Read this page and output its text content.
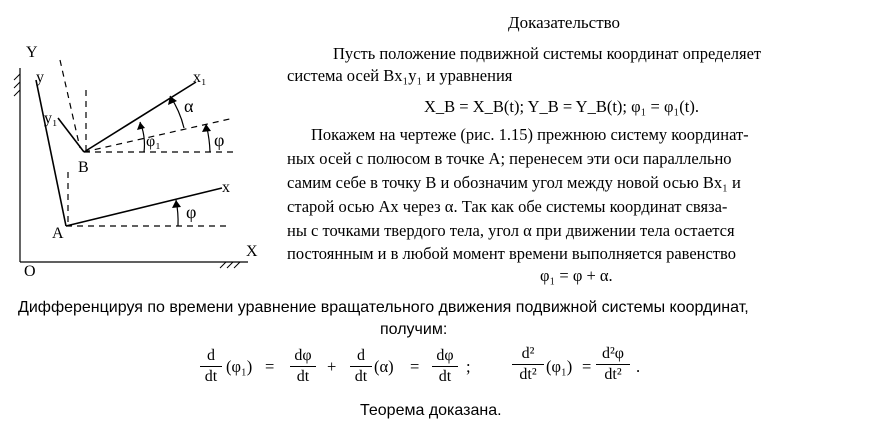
Y
y
y₁
B
x₁
α
φ₁	φ
x
φ
A
X
O
Доказательство
Пусть положение подвижной системы координат определяет
система осей Bx₁y₁ и уравнения
X_B = X_B(t); Y_B = Y_B(t); φ₁ = φ₁(t).
Покажем на чертеже (рис. 1.15) прежнюю систему координат-
ных осей с полюсом в точке A; перенесем эти оси параллельно
самим себе в точку B и обозначим угол между новой осью Bx₁ и
старой осью Ax через α. Так как обе системы координат связа-
ны с точками твердого тела, угол α при движении тела остается
постоянным и в любой момент времени выполняется равенство
φ₁ = φ + α.
Дифференцируя по времени уравнение вращательного движения подвижной системы координат,
получим:
d
dt
(φ₁) =
dφ
dt
+
d
dt
(α) =
dφ
dt
;
d²
dt² (φ₁) =
d²φ
dt² .
Теорема доказана.
